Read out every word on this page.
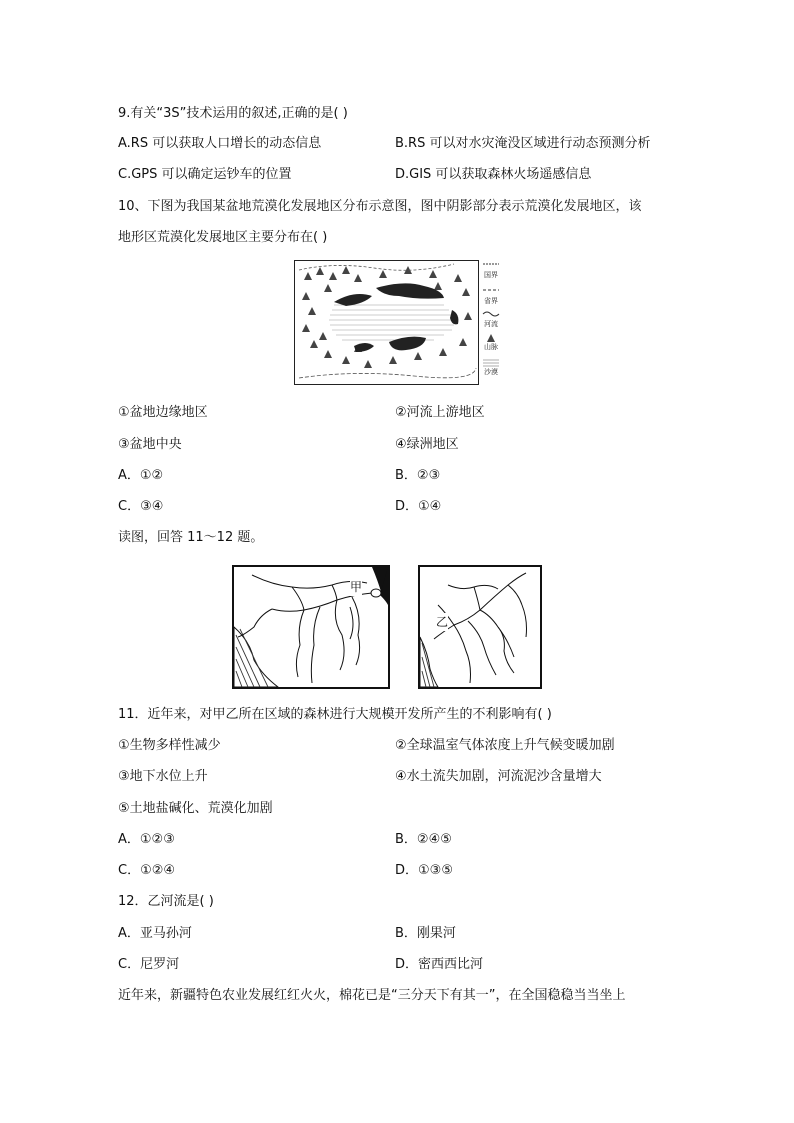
9.有关“3S”技术运用的叙述,正确的是( )
A.RS 可以获取人口增长的动态信息	B.RS 可以对水灾淹没区域进行动态预测分析
C.GPS 可以确定运钞车的位置	D.GIS 可以获取森林火场遥感信息
10、下图为我国某盆地荒漠化发展地区分布示意图，图中阴影部分表示荒漠化发展地区，该
地形区荒漠化发展地区主要分布在( )
国界
省界
河流
山脉
沙漠
①盆地边缘地区	②河流上游地区
③盆地中央	④绿洲地区
A．①②	B．②③
C．③④	D．①④
读图，回答 11～12 题。
甲
乙
11．近年来，对甲乙所在区域的森林进行大规模开发所产生的不利影响有( )
①生物多样性减少	②全球温室气体浓度上升气候变暖加剧
③地下水位上升	④水土流失加剧，河流泥沙含量增大
⑤土地盐碱化、荒漠化加剧
A．①②③	B．②④⑤
C．①②④	D．①③⑤
12．乙河流是( )
A．亚马孙河	B．刚果河
C．尼罗河	D．密西西比河
近年来，新疆特色农业发展红红火火，棉花已是“三分天下有其一”，在全国稳稳当当坐上
